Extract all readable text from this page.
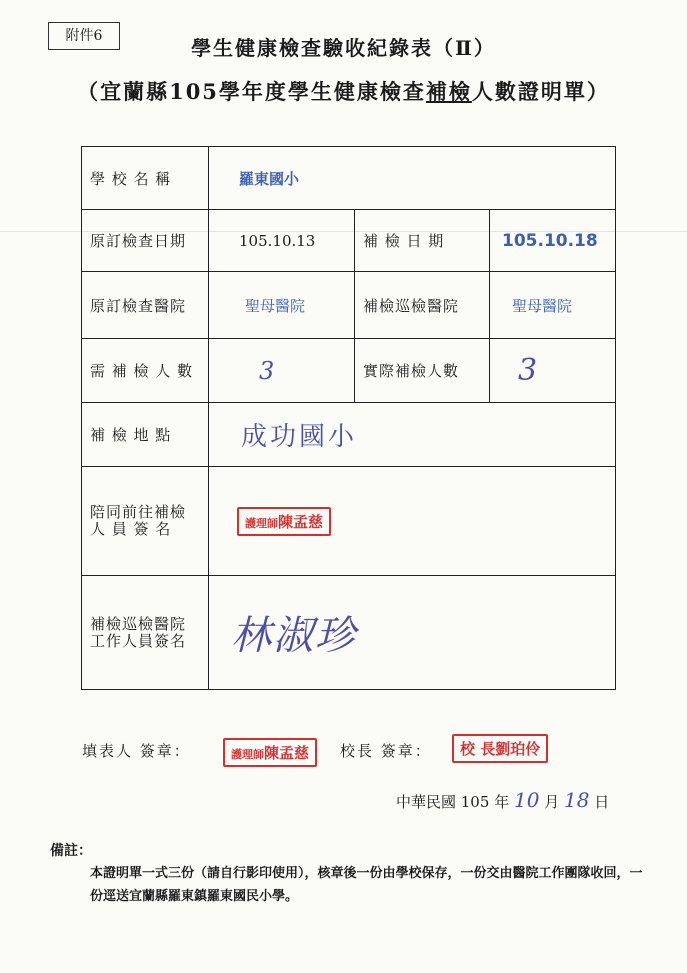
附件6	學生健康檢查驗收紀錄表（Ⅱ）
（宜蘭縣105學年度學生健康檢查補檢人數證明單）
學 校 名 稱	羅東國小		
原訂檢查日期	105.10.13	補 檢 日 期	105.10.18
原訂檢查醫院	聖母醫院	補檢巡檢醫院	聖母醫院
需 補 檢 人 數	3	實際補檢人數	3
補 檢 地 點	成功國小		

陪同前往補檢
人 員 簽 名	護理師陳孟慈		

補檢巡檢醫院
工作人員簽名	林淑珍		
填表人 簽章：	護理師陳孟慈	校長 簽章：	校 長劉珀伶
中華民國 105 年 10 月 18 日
備註：
本證明單一式三份（請自行影印使用），核章後一份由學校保存，一份交由醫院工作團隊收回，一份逕送宜蘭縣羅東鎮羅東國民小學。
